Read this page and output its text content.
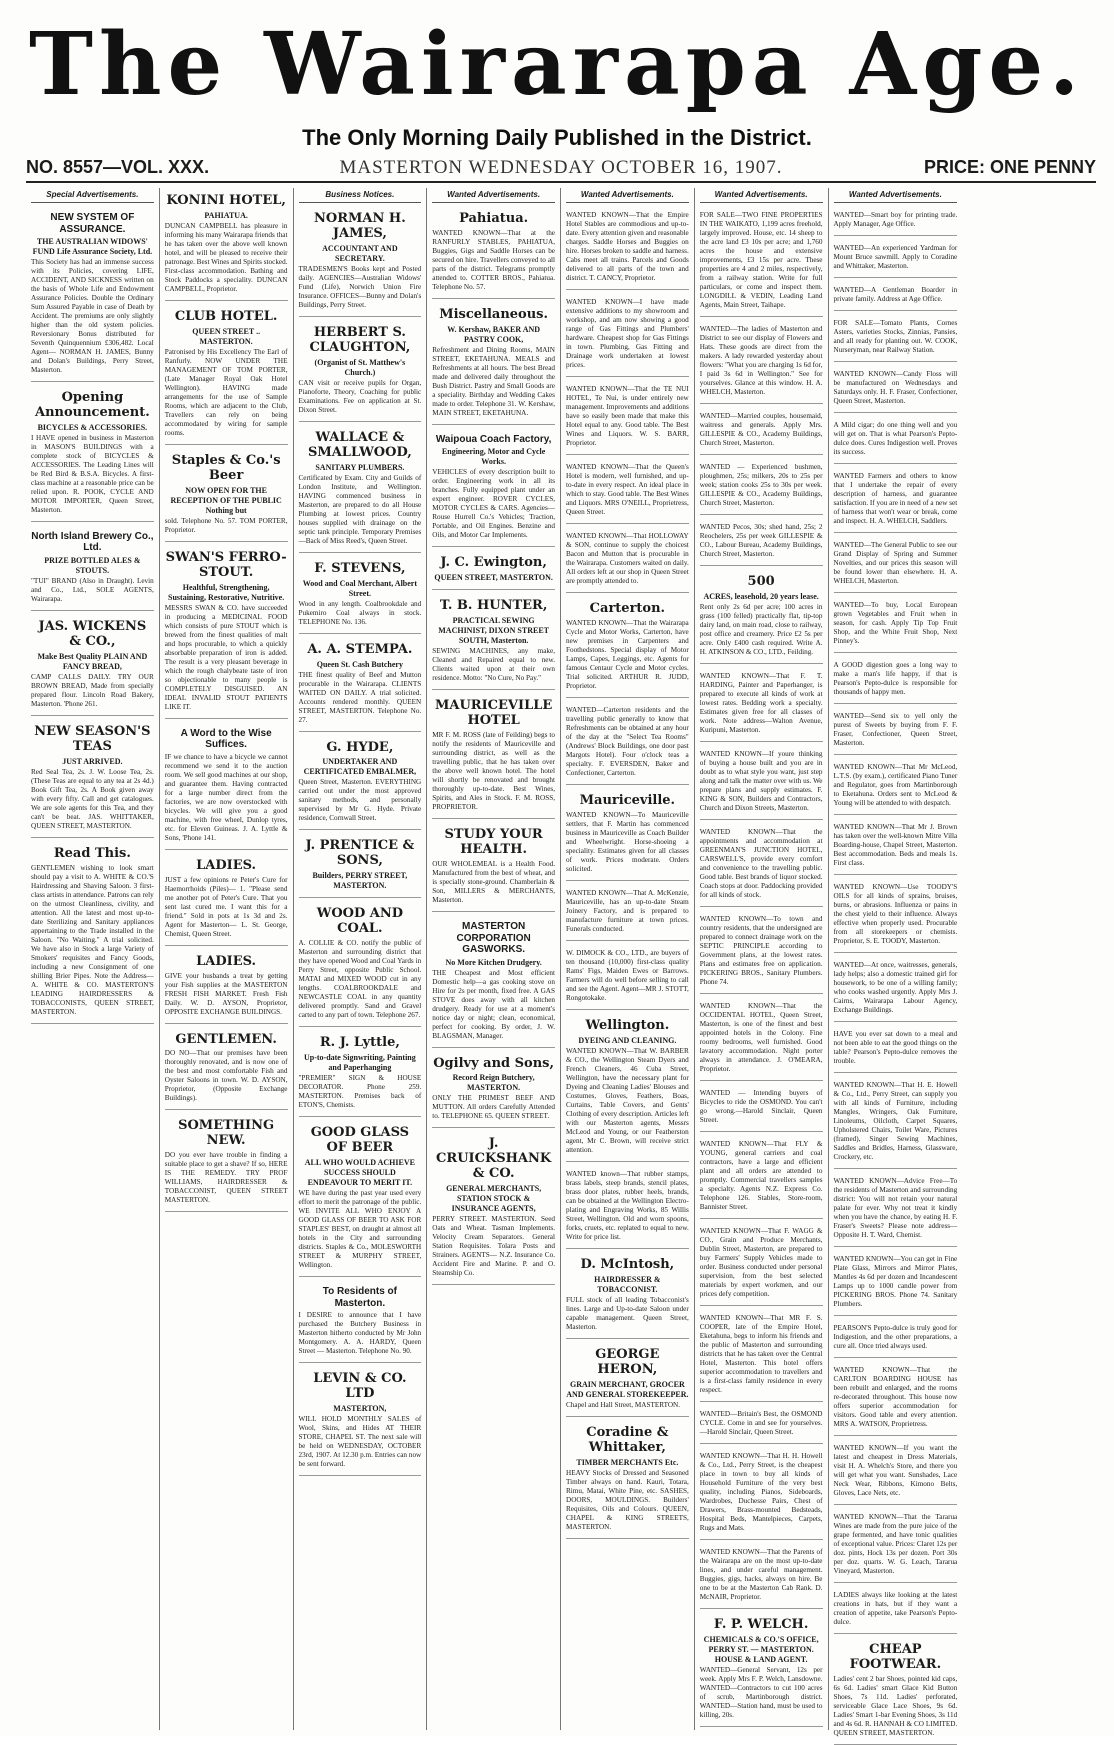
The Wairarapa Age.
The Only Morning Daily Published in the District.
NO. 8557—VOL. XXX.	MASTERTON WEDNESDAY OCTOBER 16, 1907.	PRICE: ONE PENNY
Special Advertisements.
NEW SYSTEM OF ASSURANCE.
THE AUSTRALIAN WIDOWS' FUND Life Assurance Society, Ltd.

This Society has had an immense success with its Policies, covering LIFE, ACCIDENT, AND SICKNESS written on the basis of Whole Life and Endowment Assurance Policies. Double the Ordinary Sum Assured Payable in case of Death by Accident. The premiums are only slightly higher than the old system policies. Reversionary Bonus distributed for Seventh Quinquennium £306,482. Local Agent— NORMAN H. JAMES, Bunny and Dolan's Buildings, Perry Street, Masterton.

Opening Announcement.
BICYCLES & ACCESSORIES.

I HAVE opened in business in Masterton in MASON'S BUILDINGS with a complete stock of BICYCLES & ACCESSORIES. The Leading Lines will be Red Bird & B.S.A. Bicycles. A first-class machine at a reasonable price can be relied upon. R. POOK, CYCLE AND MOTOR IMPORTER, Queen Street, Masterton.

North Island Brewery Co., Ltd.
PRIZE BOTTLED ALES & STOUTS.

"TUI" BRAND (Also in Draught). Levin and Co., Ltd., SOLE AGENTS, Wairarapa.

JAS. WICKENS & CO.,
Make Best Quality PLAIN AND FANCY BREAD,

CAMP CALLS DAILY. TRY OUR BROWN BREAD, Made from specially prepared flour. Lincoln Road Bakery, Masterton. 'Phone 261.

NEW SEASON'S TEAS
JUST ARRIVED.

Red Seal Tea, 2s. J. W. Loose Tea, 2s. (These Teas are equal to any tea at 2s 4d.) Book Gift Tea, 2s. A Book given away with every fifty. Call and get catalogues. We are sole agents for this Tea, and they can't be beat. JAS. WHITTAKER, QUEEN STREET, MASTERTON.

Read This.

GENTLEMEN wishing to look smart should pay a visit to A. WHITE & CO.'S Hairdressing and Shaving Saloon. 3 first-class artists in attendance. Patrons can rely on the utmost Cleanliness, civility, and attention. All the latest and most up-to-date Sterilizing and Sanitary appliances appertaining to the Trade installed in the Saloon. "No Waiting." A trial solicited. We have also in Stock a large Variety of Smokers' requisites and Fancy Goods, including a new Consignment of one shilling Brier Pipes. Note the Address— A. WHITE & CO. MASTERTON'S LEADING HAIRDRESSERS & TOBACCONISTS, QUEEN STREET, MASTERTON.

KONINI HOTEL,
PAHIATUA.

DUNCAN CAMPBELL has pleasure in informing his many Wairarapa friends that he has taken over the above well known hotel, and will be pleased to receive their patronage. Best Wines and Spirits stocked. First-class accommodation. Bathing and Stock Paddocks a speciality. DUNCAN CAMPBELL, Proprietor.

CLUB HOTEL.
QUEEN STREET .. MASTERTON.

Patronised by His Excellency The Earl of Ranfurly. NOW UNDER THE MANAGEMENT OF TOM PORTER, (Late Manager Royal Oak Hotel Wellington). HAVING made arrangements for the use of Sample Rooms, which are adjacent to the Club, Travellers can rely on being accommodated by wiring for sample rooms.

Staples & Co.'s Beer
NOW OPEN FOR THE RECEPTION OF THE PUBLIC Nothing but

sold. Telephone No. 57. TOM PORTER, Proprietor.

SWAN'S FERRO-STOUT.
Healthful, Strengthening, Sustaining, Restorative, Nutritive.

MESSRS SWAN & CO. have succeeded in producing a MEDICINAL FOOD which consists of pure STOUT which is brewed from the finest qualities of malt and hops procurable, to which a quickly absorbable preparation of iron is added. The result is a very pleasant beverage in which the rough chalybeate taste of iron so objectionable to many people is COMPLETELY DISGUISED. AN IDEAL INVALID STOUT PATIENTS LIKE IT.

A Word to the Wise Suffices.

IF we chance to have a bicycle we cannot recommend we send it to the auction room. We sell good machines at our shop, and guarantee them. Having contracted for a large number direct from the factories, we are now overstocked with bicycles. We will give you a good machine, with free wheel, Dunlop tyres, etc. for Eleven Guineas. J. A. Lyttle & Sons, 'Phone 141.

LADIES.

JUST a few opinions re Peter's Cure for Haemorrhoids (Piles)— 1. "Please send me another pot of Peter's Cure. That you sent last cured me. I want this for a friend." Sold in pots at 1s 3d and 2s. Agent for Masterton— L. St. George, Chemist, Queen Street.

LADIES.

GIVE your husbands a treat by getting your Fish supplies at the MASTERTON FRESH FISH MARKET. Fresh Fish Daily. W. D. AYSON, Proprietor, OPPOSITE EXCHANGE BUILDINGS.

GENTLEMEN.

DO NO—That our premises have been thoroughly renovated, and is now one of the best and most comfortable Fish and Oyster Saloons in town. W. D. AYSON, Proprietor, (Opposite Exchange Buildings).

SOMETHING NEW.

DO you ever have trouble in finding a suitable place to get a shave? If so, HERE IS THE REMEDY. TRY PROF WILLIAMS, HAIRDRESSER & TOBACCONIST, QUEEN STREET MASTERTON.

Business Notices.
NORMAN H. JAMES,
ACCOUNTANT AND SECRETARY.

TRADESMEN'S Books kept and Posted daily. AGENCIES—Australian Widows' Fund (Life), Norwich Union Fire Insurance. OFFICES—Bunny and Dolan's Buildings, Perry Street.

HERBERT S. CLAUGHTON,
(Organist of St. Matthew's Church.)

CAN visit or receive pupils for Organ, Pianoforte, Theory, Coaching for public Examinations. Fee on application at St. Dixon Street.

WALLACE & SMALLWOOD,
SANITARY PLUMBERS.

Certificated by Exam. City and Guilds of London Institute, and Wellington. HAVING commenced business in Masterton, are prepared to do all House Plumbing at lowest prices. Country houses supplied with drainage on the septic tank principle. Temporary Premises—Back of Miss Reed's, Queen Street.

F. STEVENS,
Wood and Coal Merchant, Albert Street.

Wood in any length. Coalbrookdale and Pukemiro Coal always in stock. TELEPHONE No. 136.

A. A. STEMPA.
Queen St. Cash Butchery

THE finest quality of Beef and Mutton procurable in the Wairarapa. CLIENTS WAITED ON DAILY. A trial solicited. Accounts rendered monthly. QUEEN STREET, MASTERTON. Telephone No. 27.

G. HYDE,
UNDERTAKER AND CERTIFICATED EMBALMER,

Queen Street, Masterton. EVERYTHING carried out under the most approved sanitary methods, and personally supervised by Mr G. Hyde. Private residence, Cornwall Street.

J. PRENTICE & SONS,
Builders, PERRY STREET, MASTERTON.
WOOD AND COAL.

A. COLLIE & CO. notify the public of Masterton and surrounding district that they have opened Wood and Coal Yards in Perry Street, opposite Public School. MATAI and MIXED WOOD cut in any lengths. COALBROOKDALE and NEWCASTLE COAL in any quantity delivered promptly. Sand and Gravel carted to any part of town. Telephone 267.

R. J. Lyttle,
Up-to-date Signwriting, Painting and Paperhanging

"PREMIER" SIGN & HOUSE DECORATOR. Phone 259. MASTERTON. Premises back of ETON'S, Chemists.

GOOD GLASS OF BEER
ALL WHO WOULD ACHIEVE SUCCESS SHOULD ENDEAVOUR TO MERIT IT.

WE have during the past year used every effort to merit the patronage of the public. WE INVITE ALL WHO ENJOY A GOOD GLASS OF BEER TO ASK FOR STAPLES' BEST, on draught at almost all hotels in the City and surrounding districts. Staples & Co., MOLESWORTH STREET & MURPHY STREET, Wellington.

To Residents of Masterton.

I DESIRE to announce that I have purchased the Butchery Business in Masterton hitherto conducted by Mr John Montgomery. A. A. HARDY, Queen Street — Masterton. Telephone No. 90.

LEVIN & CO. LTD
MASTERTON,

WILL HOLD MONTHLY SALES of Wool, Skins, and Hides AT THEIR STORE, CHAPEL ST. The next sale will be held on WEDNESDAY, OCTOBER 23rd, 1907. At 12.30 p.m. Entries can now be sent forward.

Wanted Advertisements.
Pahiatua.

WANTED KNOWN—That at the RANFURLY STABLES, PAHIATUA, Buggies, Gigs and Saddle Horses can be secured on hire. Travellers conveyed to all parts of the district. Telegrams promptly attended to. COTTER BROS., Pahiatua. Telephone No. 57.

Miscellaneous.
W. Kershaw, BAKER AND PASTRY COOK,

Refreshment and Dining Rooms, MAIN STREET, EKETAHUNA. MEALS and Refreshments at all hours. The best Bread made and delivered daily throughout the Bush District. Pastry and Small Goods are a speciality. Birthday and Wedding Cakes made to order. Telephone 31. W. Kershaw, MAIN STREET, EKETAHUNA.

Waipoua Coach Factory,
Engineering, Motor and Cycle Works.

VEHICLES of every description built to order. Engineering work in all its branches. Fully equipped plant under an expert engineer. ROVER CYCLES, MOTOR CYCLES & CARS. Agencies—Rouse Hurrell Co.'s Vehicles; Traction, Portable, and Oil Engines. Benzine and Oils, and Motor Car Implements.

J. C. Ewington,
QUEEN STREET, MASTERTON.
T. B. HUNTER,
PRACTICAL SEWING MACHINIST, DIXON STREET SOUTH, Masterton.

SEWING MACHINES, any make, Cleaned and Repaired equal to new. Clients waited upon at their own residence. Motto: "No Cure, No Pay."

MAURICEVILLE HOTEL

MR F. M. ROSS (late of Feilding) begs to notify the residents of Mauriceville and surrounding district, as well as the travelling public, that he has taken over the above well known hotel. The hotel will shortly be renovated and brought thoroughly up-to-date. Best Wines, Spirits, and Ales in Stock. F. M. ROSS, PROPRIETOR.

STUDY YOUR HEALTH.

OUR WHOLEMEAL is a Health Food. Manufactured from the best of wheat, and is specially stone-ground. Chamberlain & Son, MILLERS & MERCHANTS, Masterton.

MASTERTON CORPORATION GASWORKS.
No More Kitchen Drudgery.

THE Cheapest and Most efficient Domestic help—a gas cooking stove on Hire for 2s per month, fixed free. A GAS STOVE does away with all kitchen drudgery. Ready for use at a moment's notice day or night; clean, economical, perfect for cooking. By order, J. W. BLAGSMAN, Manager.

Ogilvy and Sons,
Record Reign Butchery, MASTERTON.

ONLY THE PRIMEST BEEF AND MUTTON. All orders Carefully Attended to. TELEPHONE 65. QUEEN STREET.

J. CRUICKSHANK & CO.
GENERAL MERCHANTS, STATION STOCK & INSURANCE AGENTS,

PERRY STREET. MASTERTON. Seed Oats and Wheat. Tasman Implements. Velocity Cream Separators. General Station Requisites. Tolara Posts and Strainers. AGENTS— N.Z. Insurance Co. Accident Fire and Marine. P. and O. Steamship Co.

Wanted Advertisements.

WANTED KNOWN—That the Empire Hotel Stables are commodious and up-to-date. Every attention given and reasonable charges. Saddle Horses and Buggies on hire. Horses broken to saddle and harness. Cabs meet all trains. Parcels and Goods delivered to all parts of the town and district. T. CANCY, Proprietor.

WANTED KNOWN—I have made extensive additions to my showroom and workshop, and am now showing a good range of Gas Fittings and Plumbers' hardware. Cheapest shop for Gas Fittings in town. Plumbing, Gas Fitting and Drainage work undertaken at lowest prices.

WANTED KNOWN—That the TE NUI HOTEL, Te Nui, is under entirely new management. Improvements and additions have so easily been made that make this Hotel equal to any. Good table. The Best Wines and Liquors. W. S. BARR, Proprietor.

WANTED KNOWN—That the Queen's Hotel is modern, well furnished, and up-to-date in every respect. An ideal place in which to stay. Good table. The Best Wines and Liquors. MRS O'NEILL, Proprietress, Queen Street.

WANTED KNOWN—That HOLLOWAY & SON, continue to supply the choicest Bacon and Mutton that is procurable in the Wairarapa. Customers waited on daily. All orders left at our shop in Queen Street are promptly attended to.

Carterton.

WANTED KNOWN—That the Wairarapa Cycle and Motor Works, Carterton, have new premises in Carpenters and Foothedstons. Special display of Motor Lamps, Capes, Leggings, etc. Agents for famous Centaur Cycle and Motor cycles. Trial solicited. ARTHUR R. JUDD, Proprietor.

WANTED—Carterton residents and the travelling public generally to know that Refreshments can be obtained at any hour of the day at the "Select Tea Rooms" (Andrews' Block Buildings, one door past Margots Hotel). Four o'clock teas a specialty. F. EVERSDEN, Baker and Confectioner, Carterton.

Mauriceville.

WANTED KNOWN—To Mauriceville settlers, that F. Martin has commenced business in Mauriceville as Coach Builder and Wheelwright. Horse-shoeing a speciality. Estimates given for all classes of work. Prices moderate. Orders solicited.

WANTED KNOWN—That A. McKenzie, Mauriceville, has an up-to-date Steam Joinery Factory, and is prepared to manufacture furniture at town prices. Funerals conducted.

W. DIMOCK & CO., LTD., are buyers of ten thousand (10,000) first-class quality Rams' Figs, Maiden Ewes or Barrows. Farmers will do well before selling to call and see the Agent. Agent—MR J. STOTT, Rongotokake.

Wellington.
DYEING AND CLEANING.

WANTED KNOWN—That W. BARBER & CO., the Wellington Steam Dyers and French Cleaners, 46 Cuba Street, Wellington, have the necessary plant for Dyeing and Cleaning Ladies' Blouses and Costumes, Gloves, Feathers, Boas, Curtains, Table Covers, and Gents' Clothing of every description. Articles left with our Masterton agents, Messrs McLeod and Young, or our Featherston agent, Mr C. Brown, will receive strict attention.

WANTED known—That rubber stamps, brass labels, steep brands, stencil plates, brass door plates, rubber heels, brands, can be obtained at the Wellington Electro-plating and Engraving Works, 85 Willis Street, Wellington. Old and worn spoons, forks, cruets, etc. replated to equal to new. Write for price list.

D. McIntosh,
HAIRDRESSER & TOBACCONIST.

FULL stock of all leading Tobacconist's lines. Large and Up-to-date Saloon under capable management. Queen Street, Masterton.

GEORGE HERON,
GRAIN MERCHANT, GROCER AND GENERAL STOREKEEPER.

Chapel and Hall Street, MASTERTON.

Coradine & Whittaker,
TIMBER MERCHANTS Etc.

HEAVY Stocks of Dressed and Seasoned Timber always on hand. Kauri, Totara, Rimu, Matai, White Pine, etc. SASHES, DOORS, MOULDINGS. Builders' Requisites, Oils and Colours. QUEEN, CHAPEL & KING STREETS, MASTERTON.

Wanted Advertisements.

FOR SALE—TWO FINE PROPERTIES IN THE WAIKATO, 1,199 acres freehold, largely improved. House, etc. 14 sheep to the acre land £3 10s per acre; and 1,760 acres the house and extensive improvements, £3 15s per acre. These properties are 4 and 2 miles, respectively, from a railway station. Write for full particulars, or come and inspect them. LONGDILL & VEDIN, Leading Land Agents, Main Street, Taihape.

WANTED—The ladies of Masterton and District to see our display of Flowers and Hats. These goods are direct from the makers. A lady rewarded yesterday about flowers: "What you are charging 1s 6d for, I paid 3s 6d in Wellington." See for yourselves. Glance at this window. H. A. WHELCH, Masterton.

WANTED—Married couples, housemaid, waitress and generals. Apply Mrs. GILLESPIE & CO., Academy Buildings, Church Street, Masterton.

WANTED — Experienced bushmen, ploughmen, 25s; milkers, 20s to 25s per week; station cooks 25s to 30s per week. GILLESPIE & CO., Academy Buildings, Church Street, Masterton.

WANTED Pecos, 30s; shed hand, 25s; 2 Reochelers, 25s per week GILLESPIE & CO., Labour Bureau, Academy Buildings, Church Street, Masterton.

500
ACRES, leasehold, 20 years lease.

Rent only 2s 6d per acre; 100 acres in grass (100 felled) practically flat, tip-top dairy land, on main road, close to railway, post office and creamery. Price £2 5s per acre. Only £400 cash required. Write A. H. ATKINSON & CO., LTD., Feilding.

WANTED KNOWN—That F. T. HARDING, Painter and Paperhanger, is prepared to execute all kinds of work at lowest rates. Bedding work a specialty. Estimates given free for all classes of work. Note address—Walton Avenue, Kuripuni, Masterton.

WANTED KNOWN—If youre thinking of buying a house built and you are in doubt as to what style you want, just step along and talk the matter over with us. We prepare plans and supply estimates. F. KING & SON, Builders and Contractors, Church and Dixon Streets, Masterton.

WANTED KNOWN—That the appointments and accommodation at GREENMAN'S JUNCTION HOTEL, CARSWELL'S, provide every comfort and convenience to the travelling public. Good table. Best brands of liquor stocked. Coach stops at door. Paddocking provided for all kinds of stock.

WANTED KNOWN—To town and country residents, that the undersigned are prepared to connect drainage work on the SEPTIC PRINCIPLE according to Government plans, at the lowest rates. Plans and estimates free on application. PICKERING BROS., Sanitary Plumbers. Phone 74.

WANTED KNOWN—That the OCCIDENTAL HOTEL, Queen Street, Masterton, is one of the finest and best appointed hotels in the Colony. Fine roomy bedrooms, well furnished. Good lavatory accommodation. Night porter always in attendance. J. O'MEARA, Proprietor.

WANTED — Intending buyers of Bicycles to ride the OSMOND. You can't go wrong.—Harold Sinclair, Queen Street.

WANTED KNOWN—That FLY & YOUNG, general carriers and coal contractors, have a large and efficient plant and all orders are attended to promptly. Commercial travellers samples a specialty. Agents N.Z. Express Co. Telephone 126. Stables, Store-room, Bannister Street.

WANTED KNOWN—That F. WAGG & CO., Grain and Produce Merchants, Dublin Street, Masterton, are prepared to buy Farmers' Supply Vehicles made to order. Business conducted under personal supervision, from the best selected materials by expert workmen, and our prices defy competition.

WANTED KNOWN—That MR F. S. COOPER, late of the Empire Hotel, Eketahuna, begs to inform his friends and the public of Masterton and surrounding districts that he has taken over the Central Hotel, Masterton. This hotel offers superior accommodation to travellers and is a first-class family residence in every respect.

WANTED—Britain's Best, the OSMOND CYCLE. Come in and see for yourselves.—Harold Sinclair, Queen Street.

WANTED KNOWN—That H. H. Howell & Co., Ltd., Perry Street, is the cheapest place in town to buy all kinds of Household Furniture of the very best quality, including Pianos, Sideboards, Wardrobes, Duchesse Pairs, Chest of Drawers, Brass-mounted Bedsteads, Hospital Beds, Mantelpieces, Carpets, Rugs and Mats.

WANTED KNOWN—That the Parents of the Wairarapa are on the most up-to-date lines, and under careful management. Buggies, gigs, hacks, always on hire. Be one to be at the Masterton Cab Rank. D. McNAIR, Proprietor.

F. P. WELCH.
CHEMICALS & CO.'S OFFICE, PERRY ST. — MASTERTON. HOUSE & LAND AGENT.

WANTED—General Servant, 12s per week. Apply Mrs F. P. Welch, Lansdowne. WANTED—Contractors to cut 100 acres of scrub, Martinborough district. WANTED—Station hand, must be used to killing, 20s.

Wanted Advertisements.

WANTED—Smart boy for printing trade. Apply Manager, Age Office.

WANTED—An experienced Yardman for Mount Bruce sawmill. Apply to Coradine and Whittaker, Masterton.

WANTED—A Gentleman Boarder in private family. Address at Age Office.

FOR SALE—Tomato Plants, Cornes Asters, varieties Stocks, Zinnias, Pansies, and all ready for planting out. W. COOK, Nurseryman, near Railway Station.

WANTED KNOWN—Candy Floss will be manufactured on Wednesdays and Saturdays only. H. F. Fraser, Confectioner, Queen Street, Masterton.

A Mild cigar; do one thing well and you will get on. That is what Pearson's Pepto-dulce does. Cures Indigestion well. Proves its success.

WANTED Farmers and others to know that I undertake the repair of every description of harness, and guarantee satisfaction. If you are in need of a new set of harness that won't wear or break, come and inspect. H. A. WHELCH, Saddlers.

WANTED—The General Public to see our Grand Display of Spring and Summer Novelties, and our prices this season will be found lower than elsewhere. H. A. WHELCH, Masterton.

WANTED—To buy, Local European grown Vegetables and Fruit when in season, for cash. Apply Tip Top Fruit Shop, and the White Fruit Shop, Next Pinney's.

A GOOD digestion goes a long way to make a man's life happy, if that is Pearson's Pepto-dulce is responsible for thousands of happy men.

WANTED—Send six to yell only the purest of Sweets by buying from F. F. Fraser, Confectioner, Queen Street, Masterton.

WANTED KNOWN—That Mr McLeod, L.T.S. (by exam.), certificated Piano Tuner and Regulator, goes from Martinborough to Eketahuna. Orders sent to McLeod & Young will be attended to with despatch.

WANTED KNOWN—That Mr J. Brown has taken over the well-known Mitre Villa Boarding-house, Chapel Street, Masterton. Best accommodation. Beds and meals 1s. First class.

WANTED KNOWN—Use TOODY'S OILS for all kinds of sprains, bruises, burns, or abrasions. Influenza or pains in the chest yield to their influence. Always effective when properly used. Procurable from all storekeepers or chemists. Proprietor, S. E. TOODY, Masterton.

WANTED—At once, waitresses, generals, lady helps; also a domestic trained girl for housework, to be one of a willing family; who cooks washed urgently. Apply Mrs J. Cairns, Wairarapa Labour Agency, Exchange Buildings.

HAVE you ever sat down to a meal and not been able to eat the good things on the table? Pearson's Pepto-dulce removes the trouble.

WANTED KNOWN—That H. E. Howell & Co., Ltd., Perry Street, can supply you with all kinds of Furniture, including Mangles, Wringers, Oak Furniture, Linoleums, Oilcloth, Carpet Squares, Upholstered Chairs, Toilet Ware, Pictures (framed), Singer Sewing Machines, Saddles and Bridles, Harness, Glassware, Crockery, etc.

WANTED KNOWN—Advice Free—To the residents of Masterton and surrounding district: You will not retain your natural palate for ever. Why not treat it kindly when you have the chance, by eating H. F. Fraser's Sweets? Please note address—Opposite H. T. Ward, Chemist.

WANTED KNOWN—You can get in Fine Plate Glass, Mirrors and Mirror Plates, Mantles 4s 6d per dozen and Incandescent Lamps up to 1000 candle power from PICKERING BROS. Phone 74. Sanitary Plumbers.

PEARSON'S Pepto-dulce is truly good for Indigestion, and the other preparations, a cure all. Once tried always used.

WANTED KNOWN—That the CARLTON BOARDING HOUSE has been rebuilt and enlarged, and the rooms re-decorated throughout. This house now offers superior accommodation for visitors. Good table and every attention. MRS A. WATSON, Proprietress.

WANTED KNOWN—If you want the latest and cheapest in Dress Materials, visit H. A. Whelch's Store, and there you will get what you want. Sunshades, Lace Neck Wear, Ribbons, Kimono Belts, Gloves, Lace Nets, etc.

WANTED KNOWN—That the Tararua Wines are made from the pure juice of the grape fermented, and have tonic qualities of exceptional value. Prices: Claret 12s per doz. pints, Hock 13s per dozen. Port 30s per doz. quarts. W. G. Leach, Tararua Vineyard, Masterton.

LADIES always like looking at the latest creations in hats, but if they want a creation of appetite, take Pearson's Pepto-dulce.

CHEAP FOOTWEAR.

Ladies' cent 2 bar Shoes, pointed kid caps, 6s 6d. Ladies' smart Glace Kid Button Shoes, 7s 11d. Ladies' perforated, serviceable Glace Lace Shoes, 9s 6d. Ladies' Smart 1-bar Evening Shoes, 3s 11d and 4s 6d. R. HANNAH & CO LIMITED. QUEEN STREET, MASTERTON.
